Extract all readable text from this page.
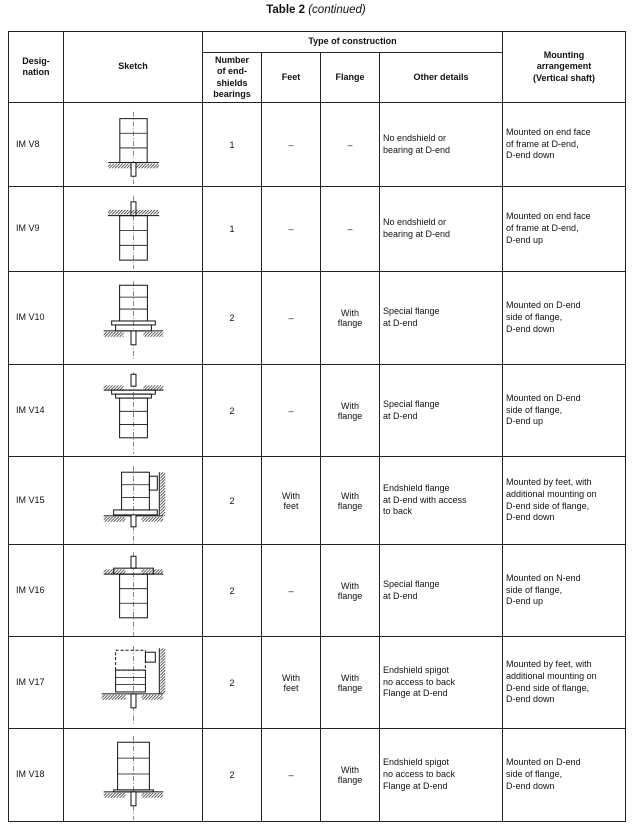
Table 2 (continued)
Desig-
nation	Sketch	Type of construction				Mounting
arrangement
(Vertical shaft)
		Number
of end-
shields
bearings	Feet	Flange	Other details	
IM V8		1	–	–	No endshield or
bearing at D-end	Mounted on end face
of frame at D-end,
D-end down
IM V9		1	–	–	No endshield or
bearing at D-end	Mounted on end face
of frame at D-end,
D-end up
IM V10		2	–	With
flange	Special flange
at D-end	Mounted on D-end
side of flange,
D-end down
IM V14		2	–	With
flange	Special flange
at D-end	Mounted on D-end
side of flange,
D-end up
IM V15		2	With
feet	With
flange	Endshield flange
at D-end with access
to back	Mounted by feet, with
additional mounting on
D-end side of flange,
D-end down
IM V16		2	–	With
flange	Special flange
at D-end	Mounted on N-end
side of flange,
D-end up
IM V17		2	With
feet	With
flange	Endshield spigot
no access to back
Flange at D-end	Mounted by feet, with
additional mounting on
D-end side of flange,
D-end down
IM V18		2	–	With
flange	Endshield spigot
no access to back
Flange at D-end	Mounted on D-end
side of flange,
D-end down
